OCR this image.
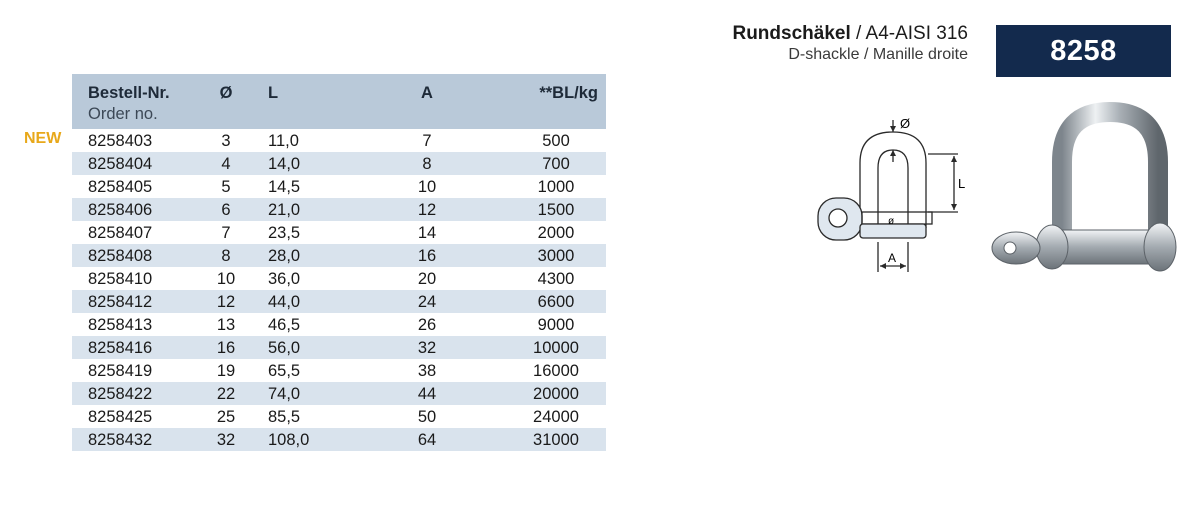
Rundschäkel / A4-AISI 316
D-shackle / Manille droite	8258
NEW
Bestell-Nr.
Order no.
Ø	L	A	**BL/kg
8258403	3	11,0	7	500
8258404	4	14,0	8	700
8258405	5	14,5	10	1000
8258406	6	21,0	12	1500
8258407	7	23,5	14	2000
8258408	8	28,0	16	3000
8258410	10	36,0	20	4300
8258412	12	44,0	24	6600
8258413	13	46,5	26	9000
8258416	16	56,0	32	10000
8258419	19	65,5	38	16000
8258422	22	74,0	44	20000
8258425	25	85,5	50	24000
8258432	32	108,0	64	31000
Ø
ø
L
A
